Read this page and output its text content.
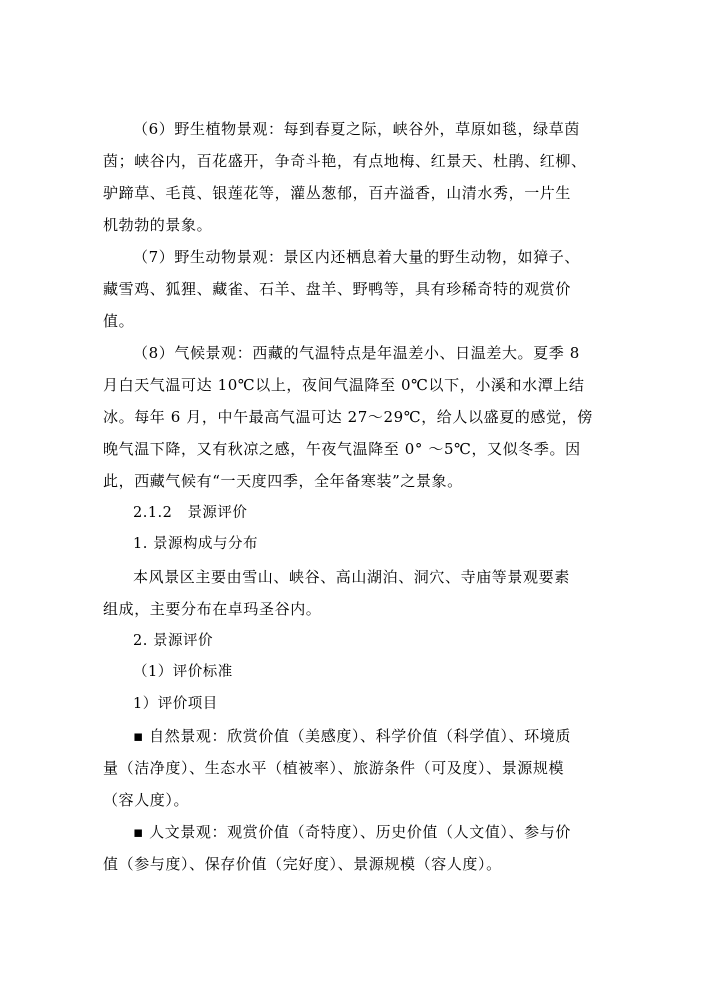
（6）野生植物景观：每到春夏之际，峡谷外，草原如毯，绿草茵
茵；峡谷内，百花盛开，争奇斗艳，有点地梅、红景天、杜鹃、红柳、
驴蹄草、毛莨、银莲花等，灌丛葱郁，百卉溢香，山清水秀，一片生
机勃勃的景象。
（7）野生动物景观：景区内还栖息着大量的野生动物，如獐子、
藏雪鸡、狐狸、藏雀、石羊、盘羊、野鸭等，具有珍稀奇特的观赏价
值。
（8）气候景观：西藏的气温特点是年温差小、日温差大。夏季 8
月白天气温可达 10℃以上，夜间气温降至 0℃以下，小溪和水潭上结
冰。每年 6 月，中午最高气温可达 27～29℃，给人以盛夏的感觉，傍
晚气温下降，又有秋凉之感，午夜气温降至 0° ～5℃，又似冬季。因
此，西藏气候有“一天度四季，全年备寒装”之景象。
2.1.2　景源评价
1. 景源构成与分布
本风景区主要由雪山、峡谷、高山湖泊、洞穴、寺庙等景观要素
组成，主要分布在卓玛圣谷内。
2. 景源评价
（1）评价标准
1）评价项目
▪ 自然景观：欣赏价值（美感度）、科学价值（科学值）、环境质
量（洁净度）、生态水平（植被率）、旅游条件（可及度）、景源规模
（容人度）。
▪ 人文景观：观赏价值（奇特度）、历史价值（人文值）、参与价
值（参与度）、保存价值（完好度）、景源规模（容人度）。
